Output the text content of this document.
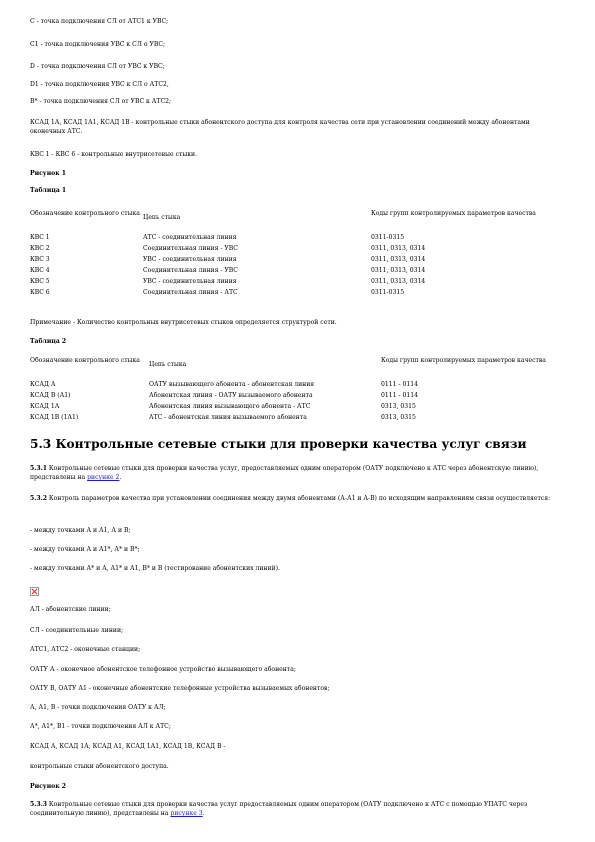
С - точка подключения СЛ от АТС1 к УВС;

С1 - точка подключения УВС к СЛ о УВС;

D - точка подключения СЛ от УВС к УВС;

D1 - точка подключения УВС к СЛ о АТС2,

B* - точка подключения СЛ от УВС к АТС2;

КСАД 1А, КСАД 1А1, КСАД 1В - контрольные стыки абонентского доступа для контроля качества сети при установлении соединений между абонентами оконечных АТС.

КВС 1 - КВС 6 - контрольные внутрисетевые стыки.

Рисунок 1

Таблица 1

Обозначение контрольного стыка	Цепь стыка	Коды групп контролируемых параметров качества
КВС 1	АТС - соединительная линия	0311-0315
КВС 2	Соединительная линия - УВС	0311, 0313, 0314
КВС 3	УВС - соединительная линия	0311, 0313, 0314
КВС 4	Соединительная линия - УВС	0311, 0313, 0314
КВС 5	УВС - соединительная линия	0311, 0313, 0314
КВС 6	Соединительная линия - АТС	0311-0315

Примечание - Количество контрольных внутрисетевых стыков определяется структурой сети.

Таблица 2

Обозначение контрольного стыка	Цепь стыка	Коды групп контролируемых параметров качества
КСАД А	ОАТУ вызывающего абонента - абонентская линия	0111 - 0114
КСАД В (А1)	Абонентская линия - ОАТУ вызываемого абонента	0111 - 0114
КСАД 1А	Абонентская линия вызывающего абонента - АТС	0313, 0315
КСАД 1В (1А1)	АТС - абонентская линия вызываемого абонента	0313, 0315
5.3 Контрольные сетевые стыки для проверки качества услуг связи

5.3.1 Контрольные сетевые стыки для проверки качества услуг, предоставляемых одним оператором (ОАТУ подключено к АТС через абонентскую линию), представлены на рисунке 2.

5.3.2 Контроль параметров качества при установлении соединения между двумя абонентами (А-А1 и А-В) по исходящим направлениям связи осуществляется:

- между точками А и А1, А и В;

- между точками А и А1*, А* и В*;

- между точками А* и А, А1* и А1, В* и В (тестирование абонентских линий).

АЛ - абонентские линии;

СЛ - соединительные линии;

АТС1, АТС2 - оконечные станции;

ОАТУ А - оконечное абонентское телефонное устройство вызывающего абонента;

ОАТУ В, ОАТУ А1 - оконечные абонентские телефонные устройства вызываемых абонентов;

А, А1, В - точки подключения ОАТУ к АЛ;

А*, А1*, В1 - точки подключения АЛ к АТС;

КСАД А, КСАД 1А, КСАД А1, КСАД 1А1, КСАД 1В, КСАД В -

контрольные стыки абонентского доступа.

Рисунок 2

5.3.3 Контрольные сетевые стыки для проверки качества услуг предоставляемых одним оператором (ОАТУ подключено к АТС с помощью УПАТС через соединительную линию), представлены на рисунке 3.
